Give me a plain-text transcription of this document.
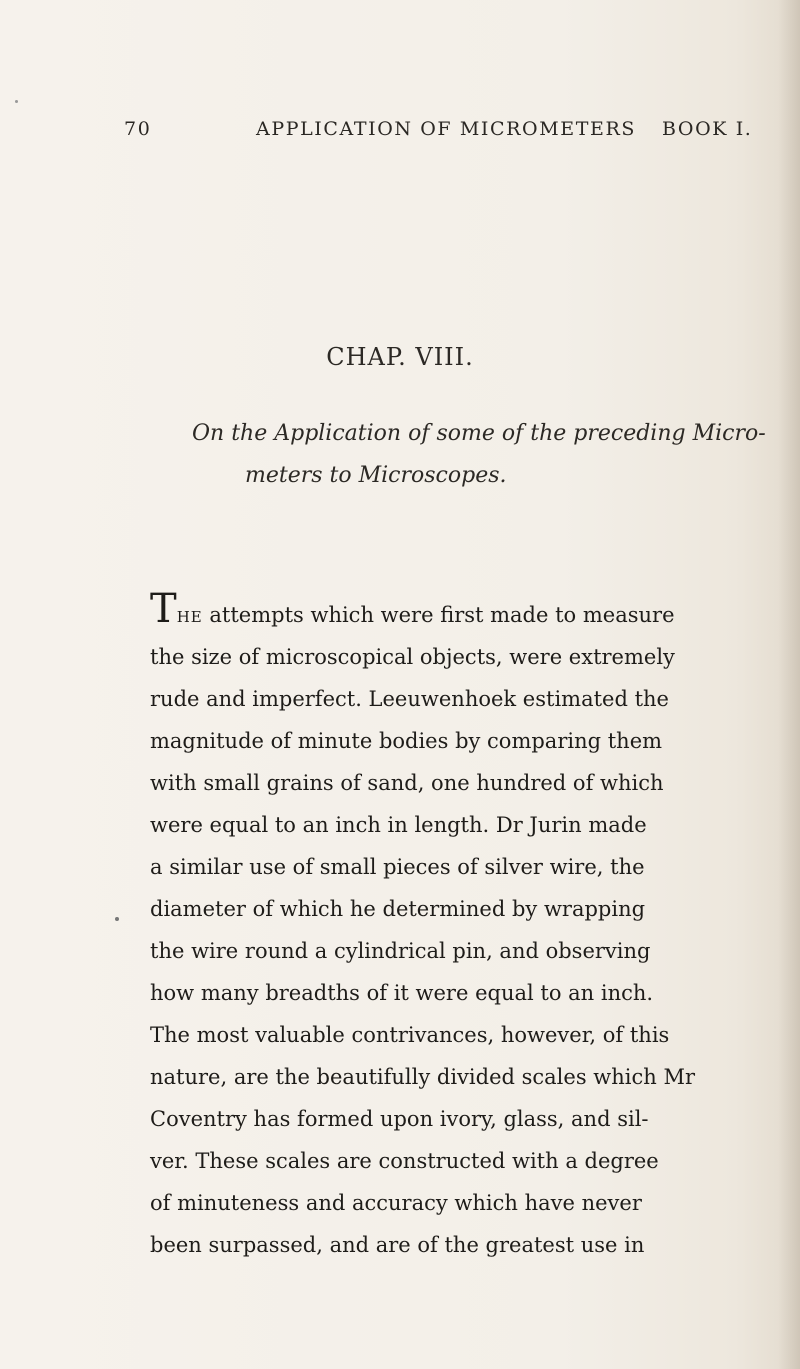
70	APPLICATION OF MICROMETERS BOOK I.
CHAP. VIII.
On the Application of some of the preceding Micro-
meters to Microscopes.
The attempts which were first made to measure
the size of microscopical objects, were extremely
rude and imperfect. Leeuwenhoek estimated the
magnitude of minute bodies by comparing them
with small grains of sand, one hundred of which
were equal to an inch in length. Dr Jurin made
a similar use of small pieces of silver wire, the
diameter of which he determined by wrapping
the wire round a cylindrical pin, and observing
how many breadths of it were equal to an inch.
The most valuable contrivances, however, of this
nature, are the beautifully divided scales which Mr
Coventry has formed upon ivory, glass, and sil-
ver. These scales are constructed with a degree
of minuteness and accuracy which have never
been surpassed, and are of the greatest use in
